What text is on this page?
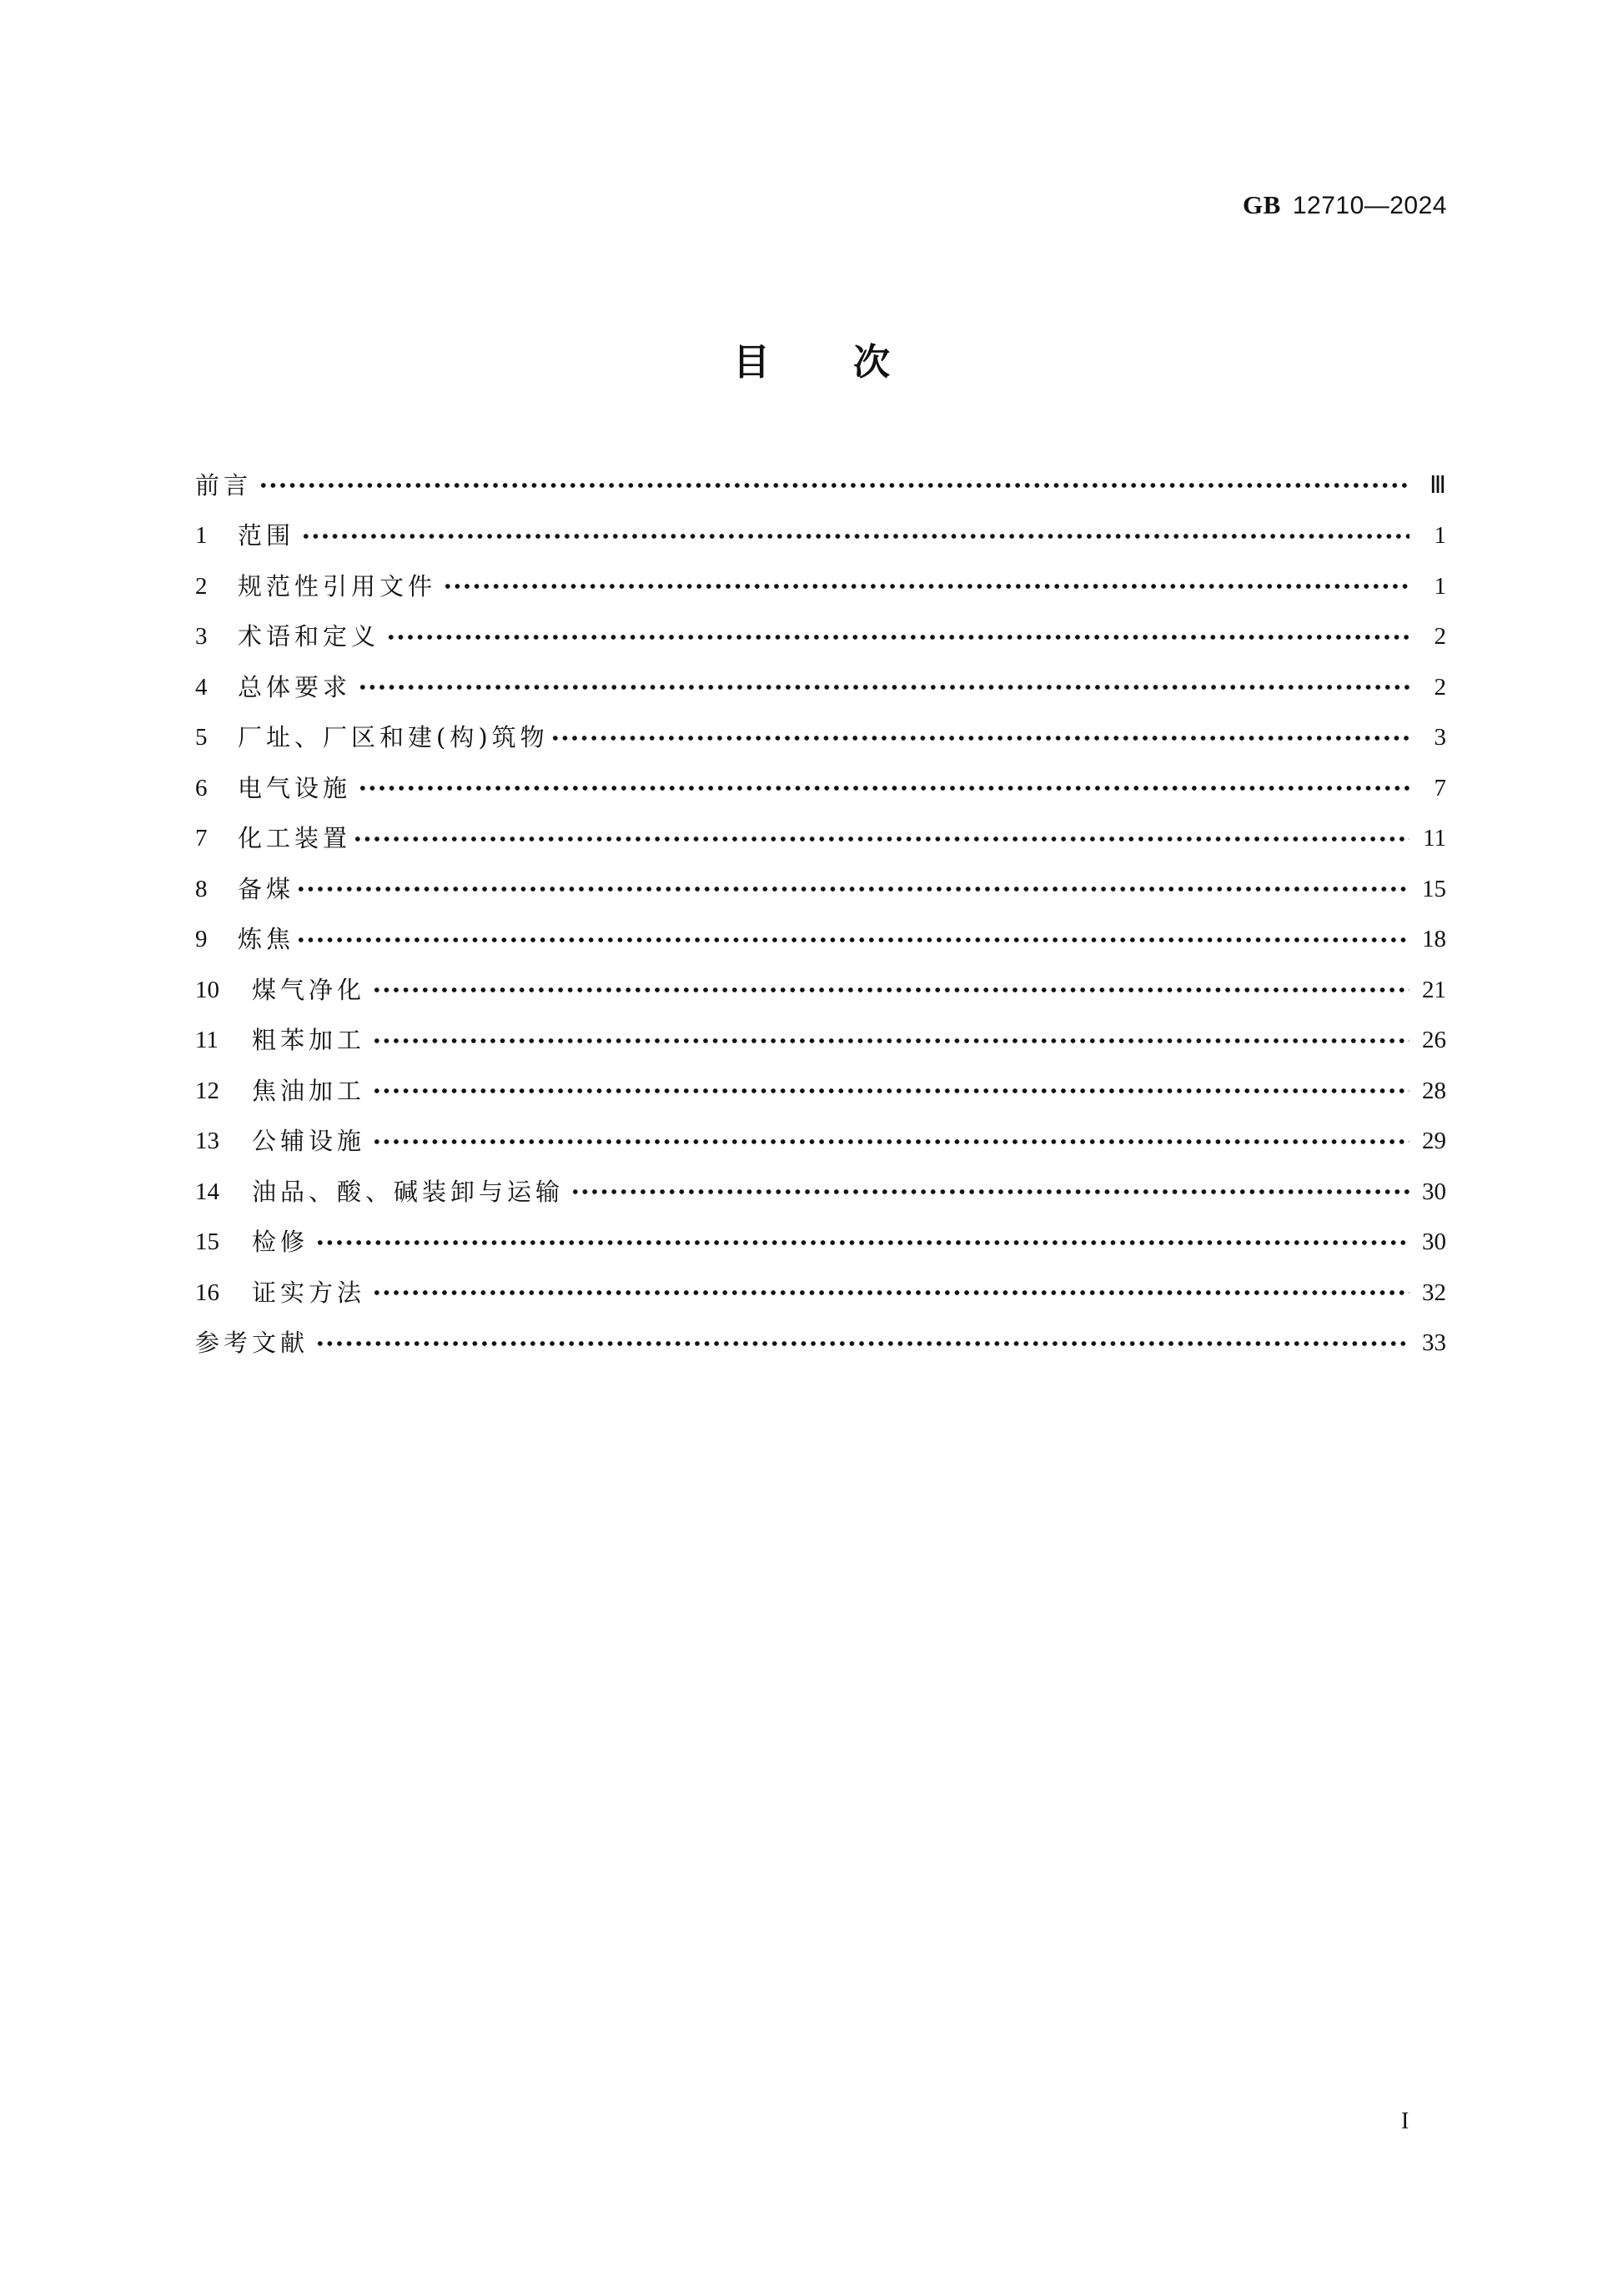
GB 12710—2024
目 次
前言	Ⅲ
1	范围	1
2	规范性引用文件	1
3	术语和定义	2
4	总体要求	2
5	厂址、厂区和建(构)筑物	3
6	电气设施	7
7	化工装置	11
8	备煤	15
9	炼焦	18
10	煤气净化	21
11	粗苯加工	26
12	焦油加工	28
13	公辅设施	29
14	油品、酸、碱装卸与运输	30
15	检修	30
16	证实方法	32
参考文献	33
I
